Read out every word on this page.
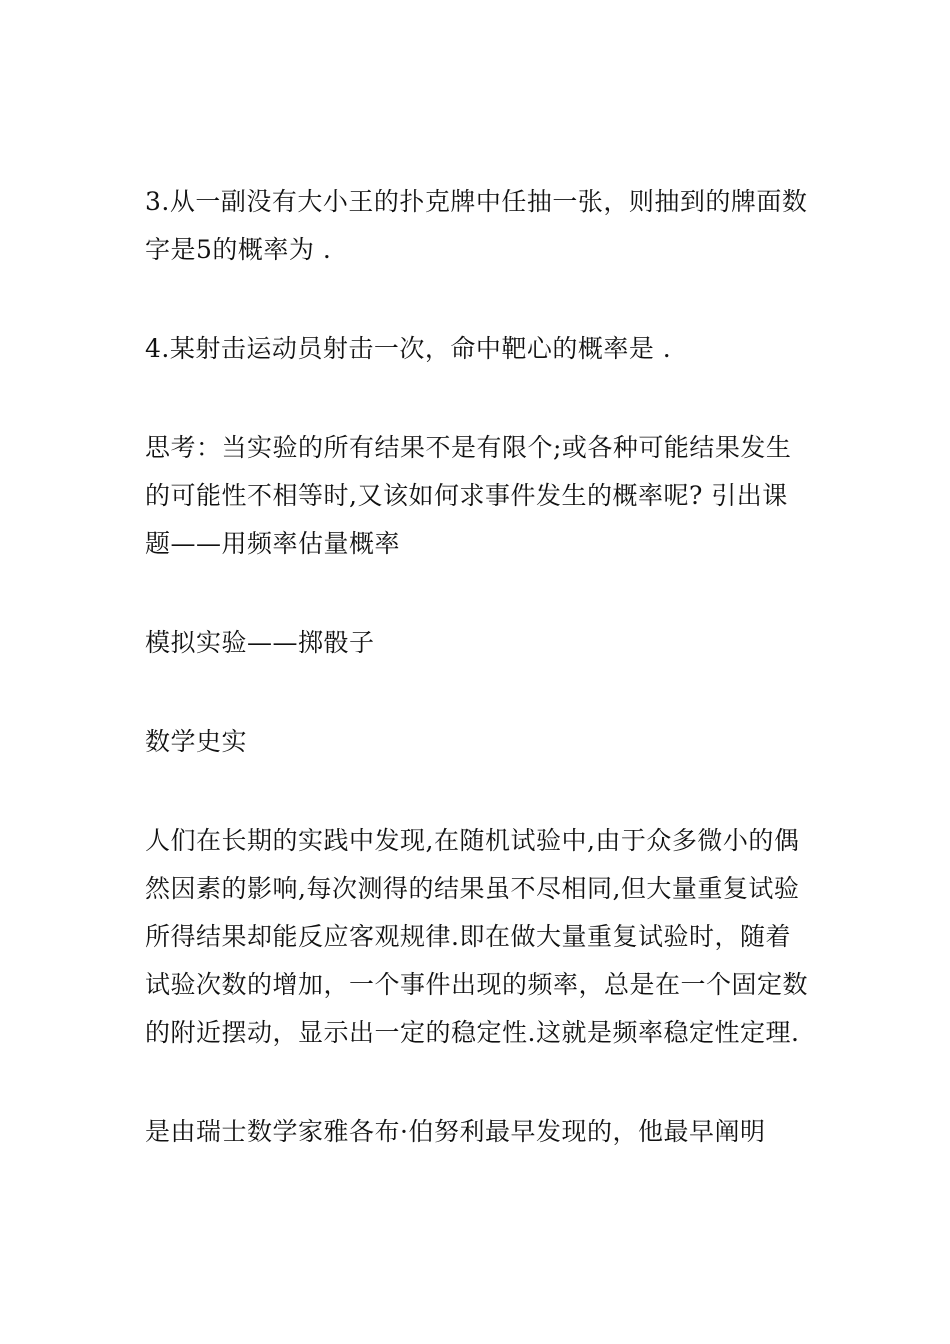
3.从一副没有大小王的扑克牌中任抽一张，则抽到的牌面数字是5的概率为 .

4.某射击运动员射击一次，命中靶心的概率是 .

思考：当实验的所有结果不是有限个;或各种可能结果发生的可能性不相等时,又该如何求事件发生的概率呢? 引出课题——用频率估量概率

模拟实验——掷骰子

数学史实

人们在长期的实践中发现,在随机试验中,由于众多微小的偶然因素的影响,每次测得的结果虽不尽相同,但大量重复试验所得结果却能反应客观规律.即在做大量重复试验时，随着试验次数的增加，一个事件出现的频率，总是在一个固定数的附近摆动，显示出一定的稳定性.这就是频率稳定性定理.

是由瑞士数学家雅各布·伯努利最早发现的，他最早阐明
